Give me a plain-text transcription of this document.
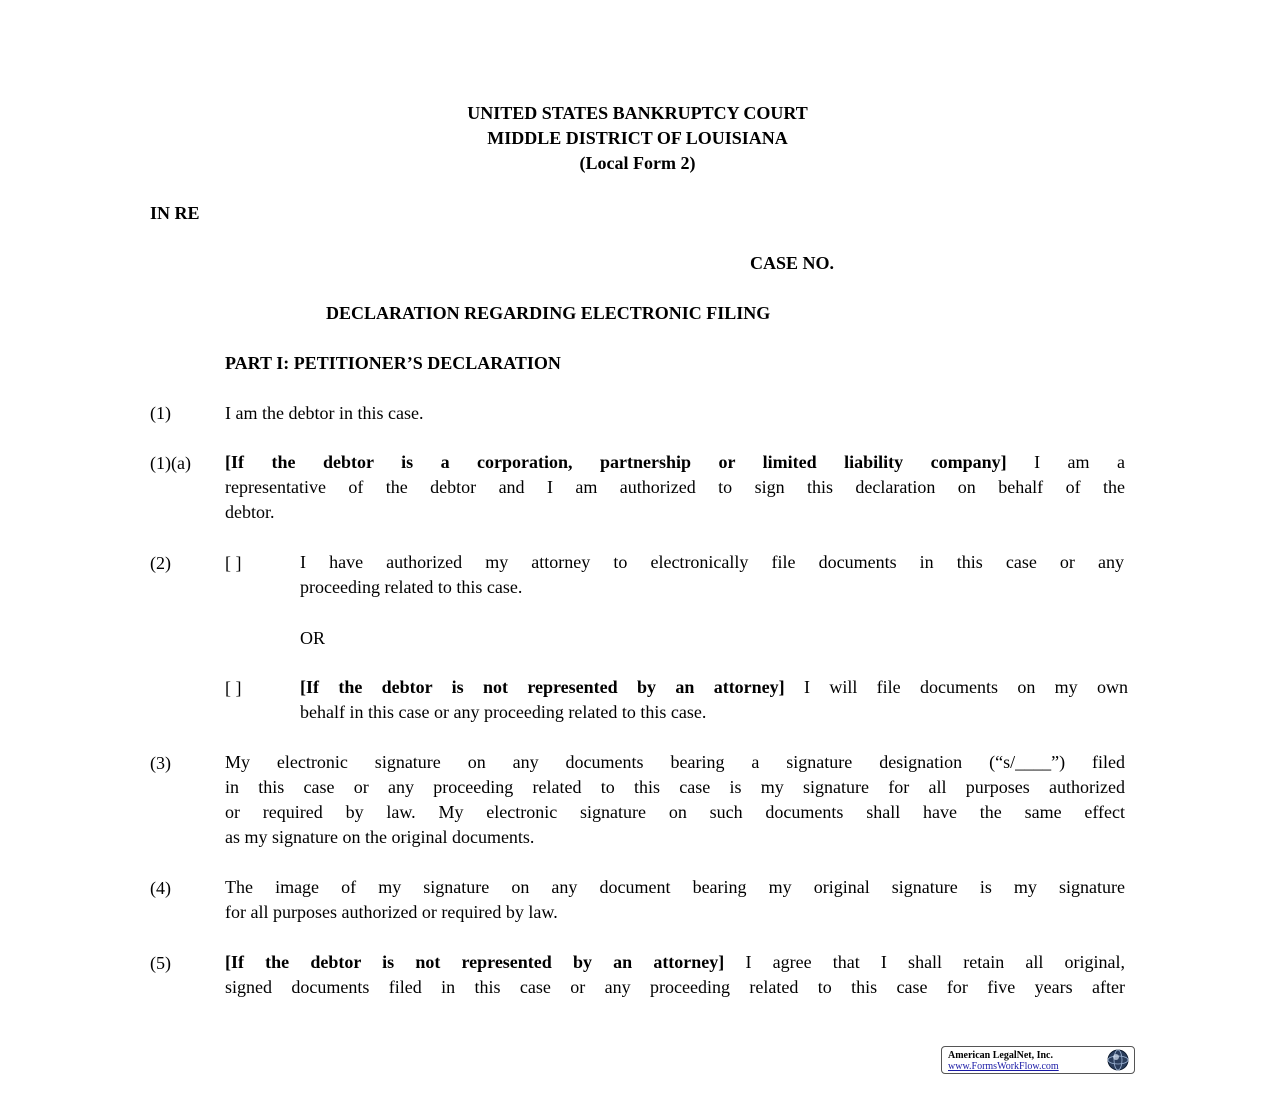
UNITED STATES BANKRUPTCY COURT
MIDDLE DISTRICT OF LOUISIANA
(Local Form 2)
IN RE
CASE NO.
DECLARATION REGARDING ELECTRONIC FILING
PART I: PETITIONER’S DECLARATION
(1)	I am the debtor in this case.
(1)(a) [If the debtor is a corporation, partnership or limited liability company] I am a
representative of the debtor and I am authorized to sign this declaration on behalf of the
debtor.
(2)	[ ]	I have authorized my attorney to electronically file documents in this case or any
proceeding related to this case.
OR
[ ]	[If the debtor is not represented by an attorney] I will file documents on my own
behalf in this case or any proceeding related to this case.
(3)	My electronic signature on any documents bearing a signature designation (“s/____”) filed
in this case or any proceeding related to this case is my signature for all purposes authorized
or required by law. My electronic signature on such documents shall have the same effect
as my signature on the original documents.
(4)	The image of my signature on any document bearing my original signature is my signature
for all purposes authorized or required by law.
(5)	[If the debtor is not represented by an attorney] I agree that I shall retain all original,
signed documents filed in this case or any proceeding related to this case for five years after
American LegalNet, Inc.
www.FormsWorkFlow.com
